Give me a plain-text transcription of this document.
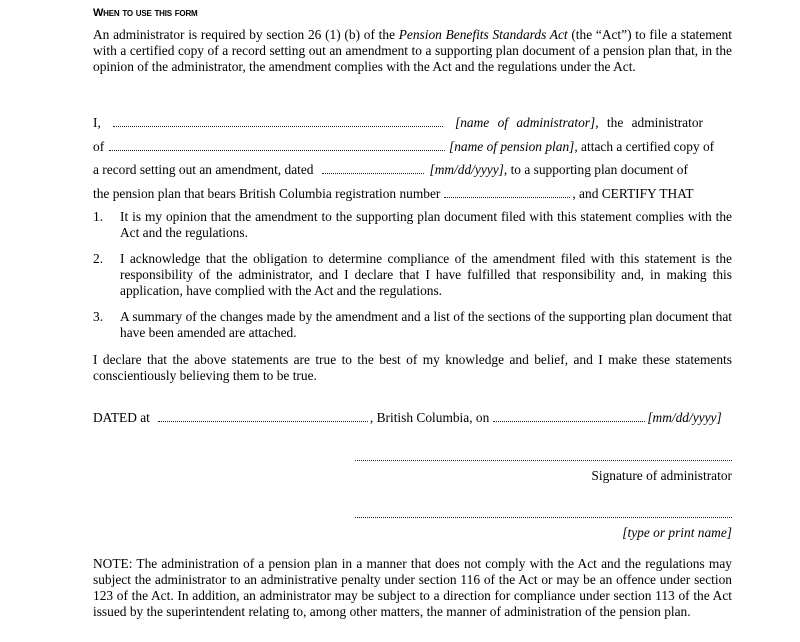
When to use this form
An administrator is required by section 26 (1) (b) of the Pension Benefits Standards Act (the “Act”) to file a statement with a certified copy of a record setting out an amendment to a supporting plan document of a pension plan that, in the opinion of the administrator, the amendment complies with the Act and the regulations under the Act.
I,	[name of administrator] , the administrator
of	[name of pension plan] , attach a certified copy of
a record setting out an amendment, dated	[mm/dd/yyyy] , to a supporting plan document of
the pension plan that bears British Columbia registration number	, and CERTIFY THAT
1.	It is my opinion that the amendment to the supporting plan document filed with this statement complies with the Act and the regulations.
2.	I acknowledge that the obligation to determine compliance of the amendment filed with this statement is the responsibility of the administrator, and I declare that I have fulfilled that responsibility and, in making this application, have complied with the Act and the regulations.
3.	A summary of the changes made by the amendment and a list of the sections of the supporting plan document that have been amended are attached.
I declare that the above statements are true to the best of my knowledge and belief, and I make these statements conscientiously believing them to be true.
DATED at	, British Columbia, on	[mm/dd/yyyy]
Signature of administrator
[type or print name]
NOTE: The administration of a pension plan in a manner that does not comply with the Act and the regulations may subject the administrator to an administrative penalty under section 116 of the Act or may be an offence under section 123 of the Act. In addition, an administrator may be subject to a direction for compliance under section 113 of the Act issued by the superintendent relating to, among other matters, the manner of administration of the pension plan.
